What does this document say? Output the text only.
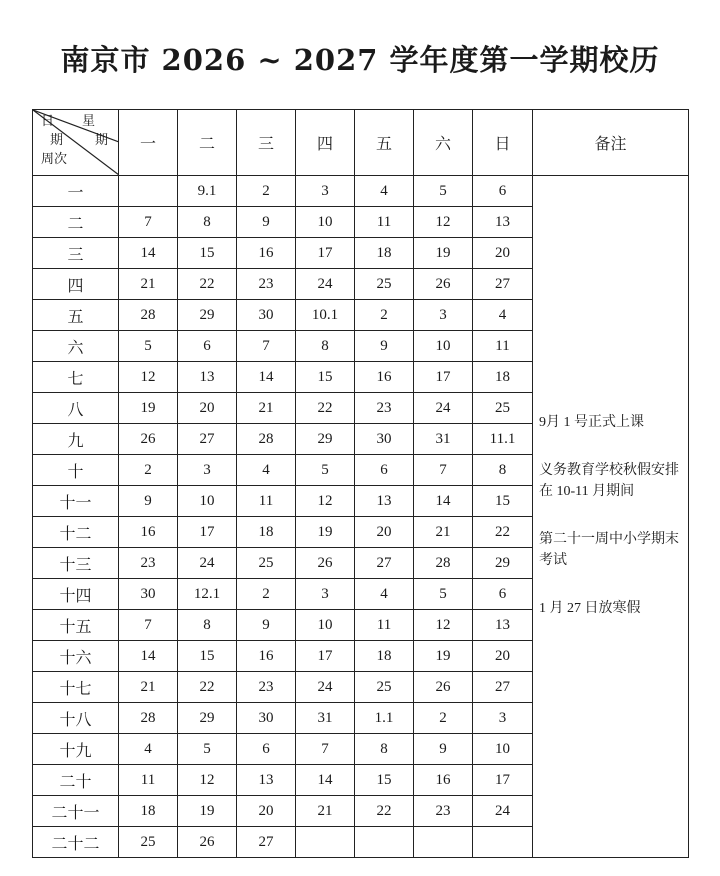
南京市 2026 ~ 2027 学年度第一学期校历
日 星
期 期
周次	一	二	三	四	五	六	日	备注
一		9.1	2	3	4	5	6	9月 1 号正式上课
义务教育学校秋假安排在 10-11 月期间
第二十一周中小学期末考试
1 月 27 日放寒假

二	7	8	9	10	11	12	13	
三	14	15	16	17	18	19	20	
四	21	22	23	24	25	26	27	
五	28	29	30	10.1	2	3	4	
六	5	6	7	8	9	10	11	
七	12	13	14	15	16	17	18	
八	19	20	21	22	23	24	25	
九	26	27	28	29	30	31	11.1	
十	2	3	4	5	6	7	8	
十一	9	10	11	12	13	14	15	
十二	16	17	18	19	20	21	22	
十三	23	24	25	26	27	28	29	
十四	30	12.1	2	3	4	5	6	
十五	7	8	9	10	11	12	13	
十六	14	15	16	17	18	19	20	
十七	21	22	23	24	25	26	27	
十八	28	29	30	31	1.1	2	3	
十九	4	5	6	7	8	9	10	
二十	11	12	13	14	15	16	17	
二十一	18	19	20	21	22	23	24	
二十二	25	26	27					
